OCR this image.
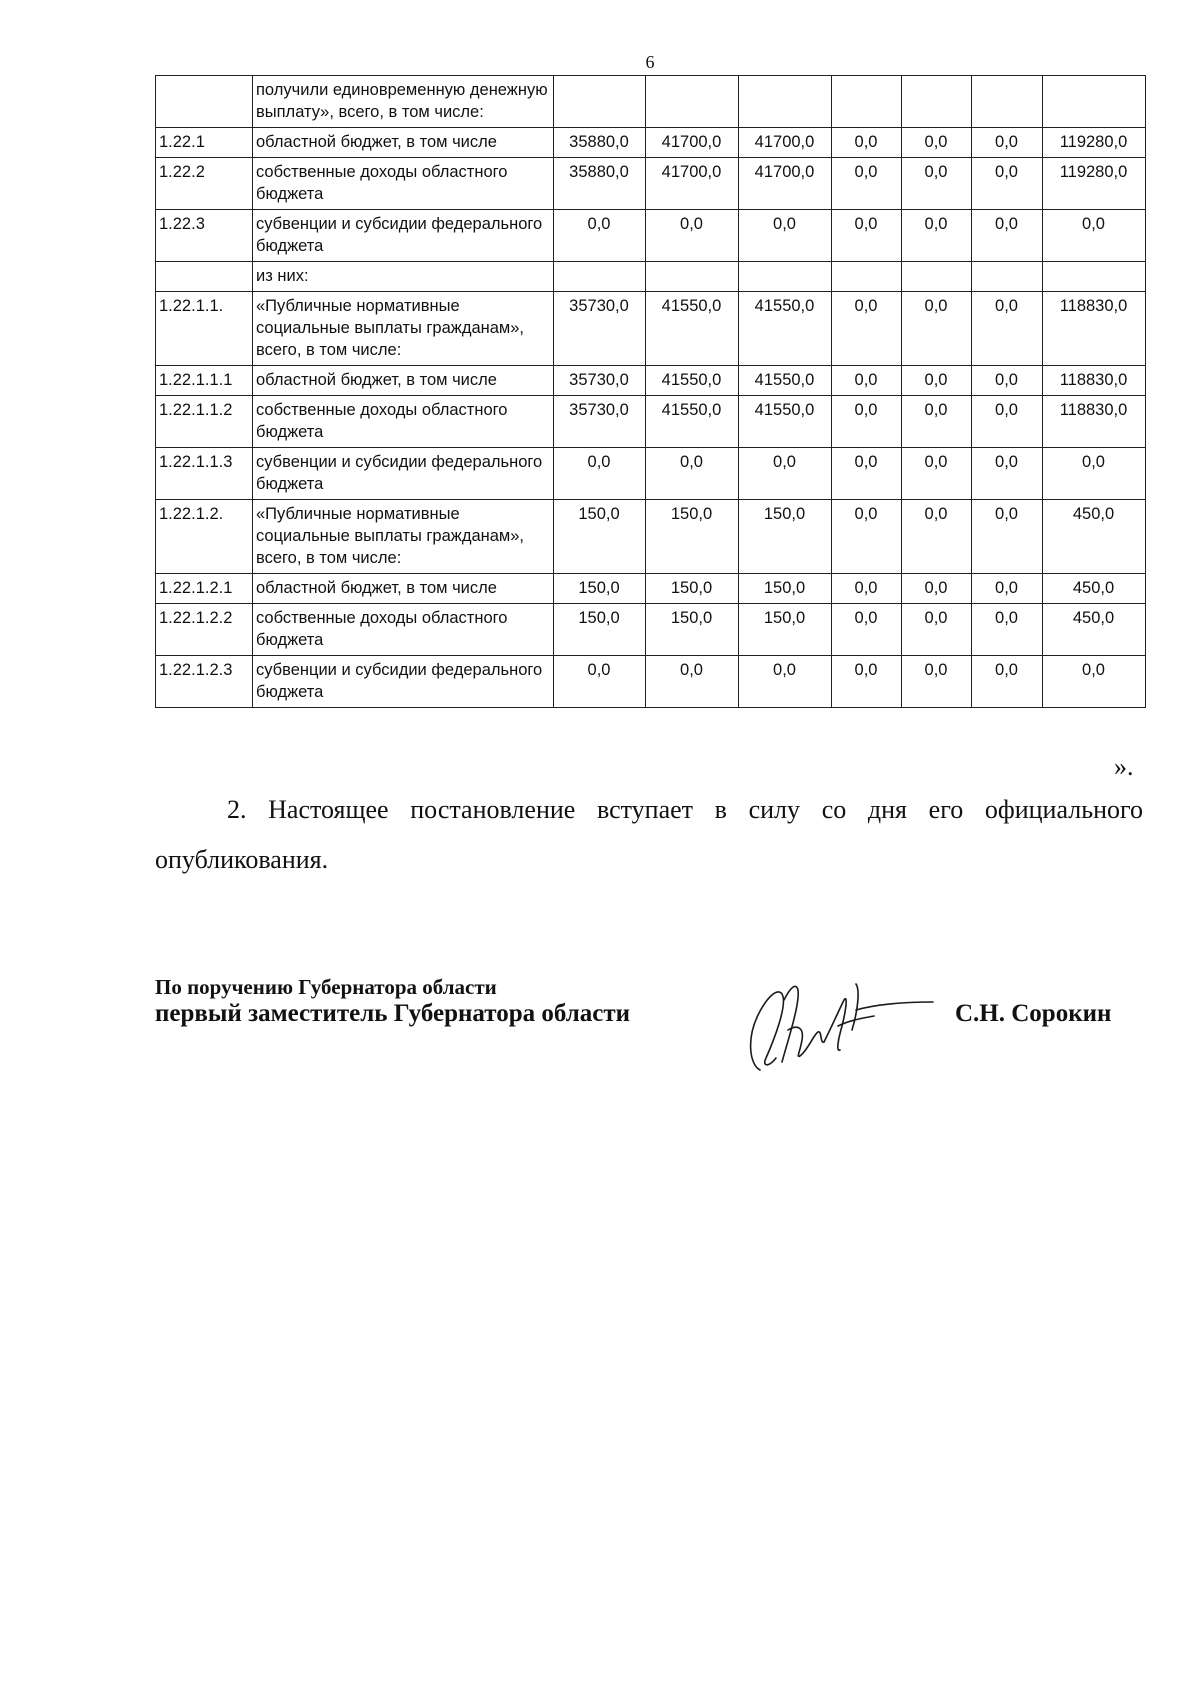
6
	получили единовременную денежную выплату», всего, в том числе:							
1.22.1	областной бюджет, в том числе	35880,0	41700,0	41700,0	0,0	0,0	0,0	119280,0
1.22.2	собственные доходы областного бюджета	35880,0	41700,0	41700,0	0,0	0,0	0,0	119280,0
1.22.3	субвенции и субсидии федерального бюджета	0,0	0,0	0,0	0,0	0,0	0,0	0,0
	из них:							
1.22.1.1.	«Публичные нормативные социальные выплаты гражданам», всего, в том числе:	35730,0	41550,0	41550,0	0,0	0,0	0,0	118830,0
1.22.1.1.1	областной бюджет, в том числе	35730,0	41550,0	41550,0	0,0	0,0	0,0	118830,0
1.22.1.1.2	собственные доходы областного бюджета	35730,0	41550,0	41550,0	0,0	0,0	0,0	118830,0
1.22.1.1.3	субвенции и субсидии федерального бюджета	0,0	0,0	0,0	0,0	0,0	0,0	0,0
1.22.1.2.	«Публичные нормативные социальные выплаты гражданам», всего, в том числе:	150,0	150,0	150,0	0,0	0,0	0,0	450,0
1.22.1.2.1	областной бюджет, в том числе	150,0	150,0	150,0	0,0	0,0	0,0	450,0
1.22.1.2.2	собственные доходы областного бюджета	150,0	150,0	150,0	0,0	0,0	0,0	450,0
1.22.1.2.3	субвенции и субсидии федерального бюджета	0,0	0,0	0,0	0,0	0,0	0,0	0,0
».
2. Настоящее постановление вступает в силу со дня его официального опубликования.
По поручению Губернатора области
первый заместитель Губернатора области	С.Н. Сорокин
